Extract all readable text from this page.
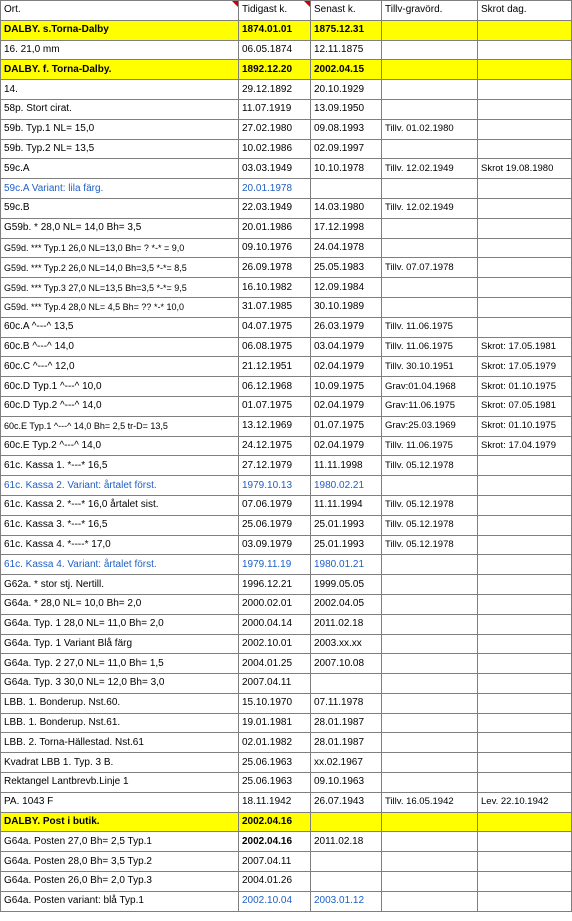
Ort.	Tidigast k.	Senast k.	Tillv-gravörd.	Skrot dag.
DALBY. s.Torna-Dalby	1874.01.01	1875.12.31		
16. 21,0 mm	06.05.1874	12.11.1875		
DALBY. f. Torna-Dalby.	1892.12.20	2002.04.15		
14.	29.12.1892	20.10.1929		
58p. Stort cirat.	11.07.1919	13.09.1950		
59b. Typ.1 NL= 15,0	27.02.1980	09.08.1993	Tillv. 01.02.1980	
59b. Typ.2 NL= 13,5	10.02.1986	02.09.1997		
59c.A	03.03.1949	10.10.1978	Tillv. 12.02.1949	Skrot 19.08.1980
59c.A Variant: lila färg.	20.01.1978			
59c.B	22.03.1949	14.03.1980	Tillv. 12.02.1949	
G59b. * 28,0 NL= 14,0 Bh= 3,5	20.01.1986	17.12.1998		
G59d. *** Typ.1 26,0 NL=13,0 Bh= ? *-* = 9,0	09.10.1976	24.04.1978		
G59d. *** Typ.2 26,0 NL=14,0 Bh=3,5 *-*= 8,5	26.09.1978	25.05.1983	Tillv. 07.07.1978	
G59d. *** Typ.3 27,0 NL=13,5 Bh=3,5 *-*= 9,5	16.10.1982	12.09.1984		
G59d. *** Typ.4 28,0 NL= 4,5 Bh= ?? *-* 10,0	31.07.1985	30.10.1989		
60c.A ^---^ 13,5	04.07.1975	26.03.1979	Tillv. 11.06.1975	
60c.B ^---^ 14,0	06.08.1975	03.04.1979	Tillv. 11.06.1975	Skrot: 17.05.1981
60c.C ^---^ 12,0	21.12.1951	02.04.1979	Tillv. 30.10.1951	Skrot: 17.05.1979
60c.D Typ.1 ^---^ 10,0	06.12.1968	10.09.1975	Grav:01.04.1968	Skrot: 01.10.1975
60c.D Typ.2 ^---^ 14,0	01.07.1975	02.04.1979	Grav:11.06.1975	Skrot: 07.05.1981
60c.E Typ.1 ^---^ 14,0 Bh= 2,5 tr-D= 13,5	13.12.1969	01.07.1975	Grav:25.03.1969	Skrot: 01.10.1975
60c.E Typ.2 ^---^ 14,0	24.12.1975	02.04.1979	Tillv. 11.06.1975	Skrot: 17.04.1979
61c. Kassa 1. *---* 16,5	27.12.1979	11.11.1998	Tillv. 05.12.1978	
61c. Kassa 2. Variant: årtalet först.	1979.10.13	1980.02.21		
61c. Kassa 2. *---* 16,0 årtalet sist.	07.06.1979	11.11.1994	Tillv. 05.12.1978	
61c. Kassa 3. *---* 16,5	25.06.1979	25.01.1993	Tillv. 05.12.1978	
61c. Kassa 4. *----* 17,0	03.09.1979	25.01.1993	Tillv. 05.12.1978	
61c. Kassa 4. Variant: årtalet först.	1979.11.19	1980.01.21		
G62a. * stor stj. Nertill.	1996.12.21	1999.05.05		
G64a. * 28,0 NL= 10,0 Bh= 2,0	2000.02.01	2002.04.05		
G64a. Typ. 1 28,0 NL= 11,0 Bh= 2,0	2000.04.14	2011.02.18		
G64a. Typ. 1 Variant Blå färg	2002.10.01	2003.xx.xx		
G64a. Typ. 2 27,0 NL= 11,0 Bh= 1,5	2004.01.25	2007.10.08		
G64a. Typ. 3 30,0 NL= 12,0 Bh= 3,0	2007.04.11			
LBB. 1. Bonderup. Nst.60.	15.10.1970	07.11.1978		
LBB. 1. Bonderup. Nst.61.	19.01.1981	28.01.1987		
LBB. 2. Torna-Hällestad. Nst.61	02.01.1982	28.01.1987		
Kvadrat LBB 1. Typ. 3 B.	25.06.1963	xx.02.1967		
Rektangel Lantbrevb.Linje 1	25.06.1963	09.10.1963		
PA. 1043 F	18.11.1942	26.07.1943	Tillv. 16.05.1942	Lev. 22.10.1942
DALBY. Post i butik.	2002.04.16			
G64a. Posten 27,0 Bh= 2,5 Typ.1	2002.04.16	2011.02.18		
G64a. Posten 28,0 Bh= 3,5 Typ.2	2007.04.11			
G64a. Posten 26,0 Bh= 2,0 Typ.3	2004.01.26			
G64a. Posten variant: blå Typ.1	2002.10.04	2003.01.12		
